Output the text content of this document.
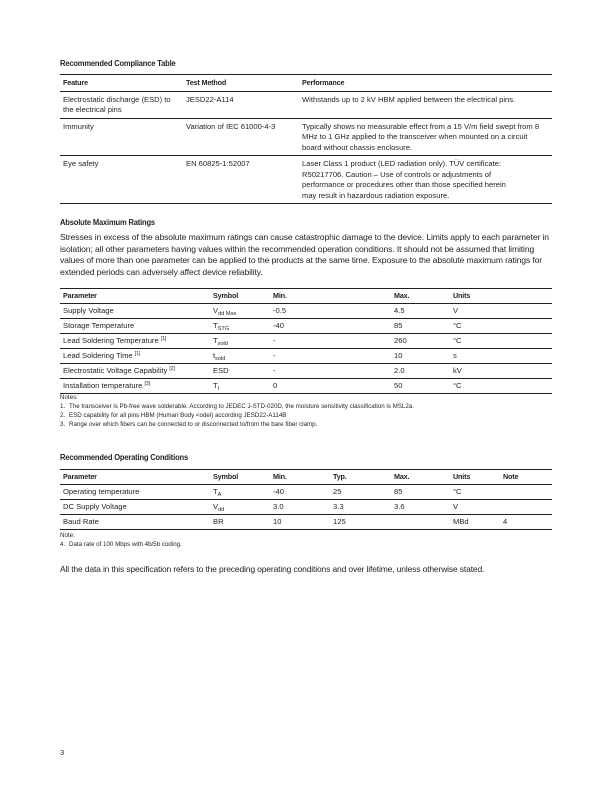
Recommended Compliance Table
Feature	Test Method	Performance
Electrostatic discharge (ESD) to the electrical pins	JESD22-A114	Withstands up to 2 kV HBM applied between the electrical pins.
Immunity	Variation of IEC 61000-4-3	Typically shows no measurable effect from a 15 V/m field swept from 8 MHz to 1 GHz applied to the transceiver when mounted on a circuit board without chassis enclosure.
Eye safety	EN 60825-1:52007	Laser Class 1 product (LED radiation only). TÜV certificate: R50217706. Caution – Use of controls or adjustments of performance or procedures other than those specified herein may result in hazardous radiation exposure.
Absolute Maximum Ratings
Stresses in excess of the absolute maximum ratings can cause catastrophic damage to the device. Limits apply to each parameter in isolation; all other parameters having values within the recommended operation conditions. It should not be assumed that limiting values of more than one parameter can be applied to the products at the same time. Exposure to the absolute maximum ratings for extended periods can adversely affect device reliability.
Parameter	Symbol	Min.	Max.	Units
Supply Voltage	$V_{dd Max}$	-0.5	4.5	V
Storage Temperature	$T_{STG}$	-40	85	°C
Lead Soldering Temperature [1]	$T_{sold}$	-	260	°C
Lead Soldering Time [1]	$t_{sold}$	-	10	s
Electrostatic Voltage Capability [2]	ESD	-	2.0	kV
Installation temperature [3]	$T_I$	0	50	°C
Notes:
1. The transceiver is Pb-free wave solderable. According to JEDEC J-STD-020D, the moisture sensitivity classification is MSL2a.
2. ESD capability for all pins HBM (Human Body <odel) according JESD22-A114B
3. Range over which fibers can be connected to or disconnected to/from the bare fiber clamp.
Recommended Operating Conditions
Parameter	Symbol	Min.	Typ.	Max.	Units	Note
Operating temperature	$T_A$	-40	25	85	°C	
DC Supply Voltage	$V_{dd}$	3.0	3.3	3.6	V	
Baud Rate	BR	10	125		MBd	4
Note:
4. Data rate of 100 Mbps with 4b/5b coding.
All the data in this specification refers to the preceding operating conditions and over lifetime, unless otherwise stated.
3
